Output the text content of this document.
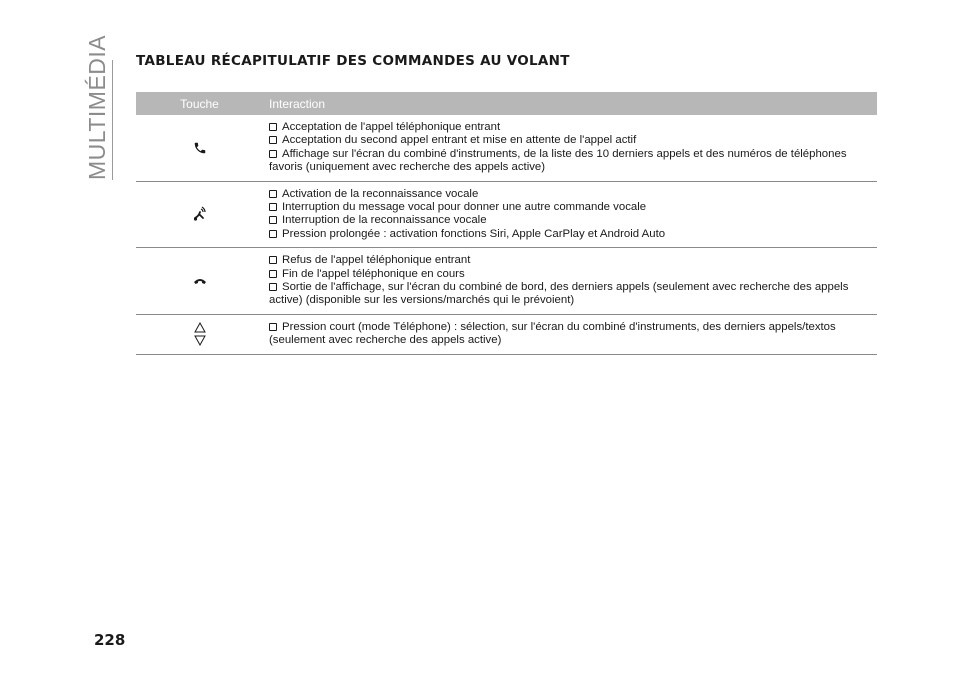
MULTIMÉDIA TABLEAU RÉCAPITULATIF DES COMMANDES AU VOLANT
Touche	Interaction
Acceptation de l'appel téléphonique entrant
Acceptation du second appel entrant et mise en attente de l'appel actif
Affichage sur l'écran du combiné d'instruments, de la liste des 10 derniers appels et des numéros de téléphones favoris (uniquement avec recherche des appels active)
Activation de la reconnaissance vocale
Interruption du message vocal pour donner une autre commande vocale
Interruption de la reconnaissance vocale
Pression prolongée : activation fonctions Siri, Apple CarPlay et Android Auto
Refus de l'appel téléphonique entrant
Fin de l'appel téléphonique en cours
Sortie de l'affichage, sur l'écran du combiné de bord, des derniers appels (seulement avec recherche des appels active) (disponible sur les versions/marchés qui le prévoient)
Pression court (mode Téléphone) : sélection, sur l'écran du combiné d'instruments, des derniers appels/textos (seulement avec recherche des appels active)
228
